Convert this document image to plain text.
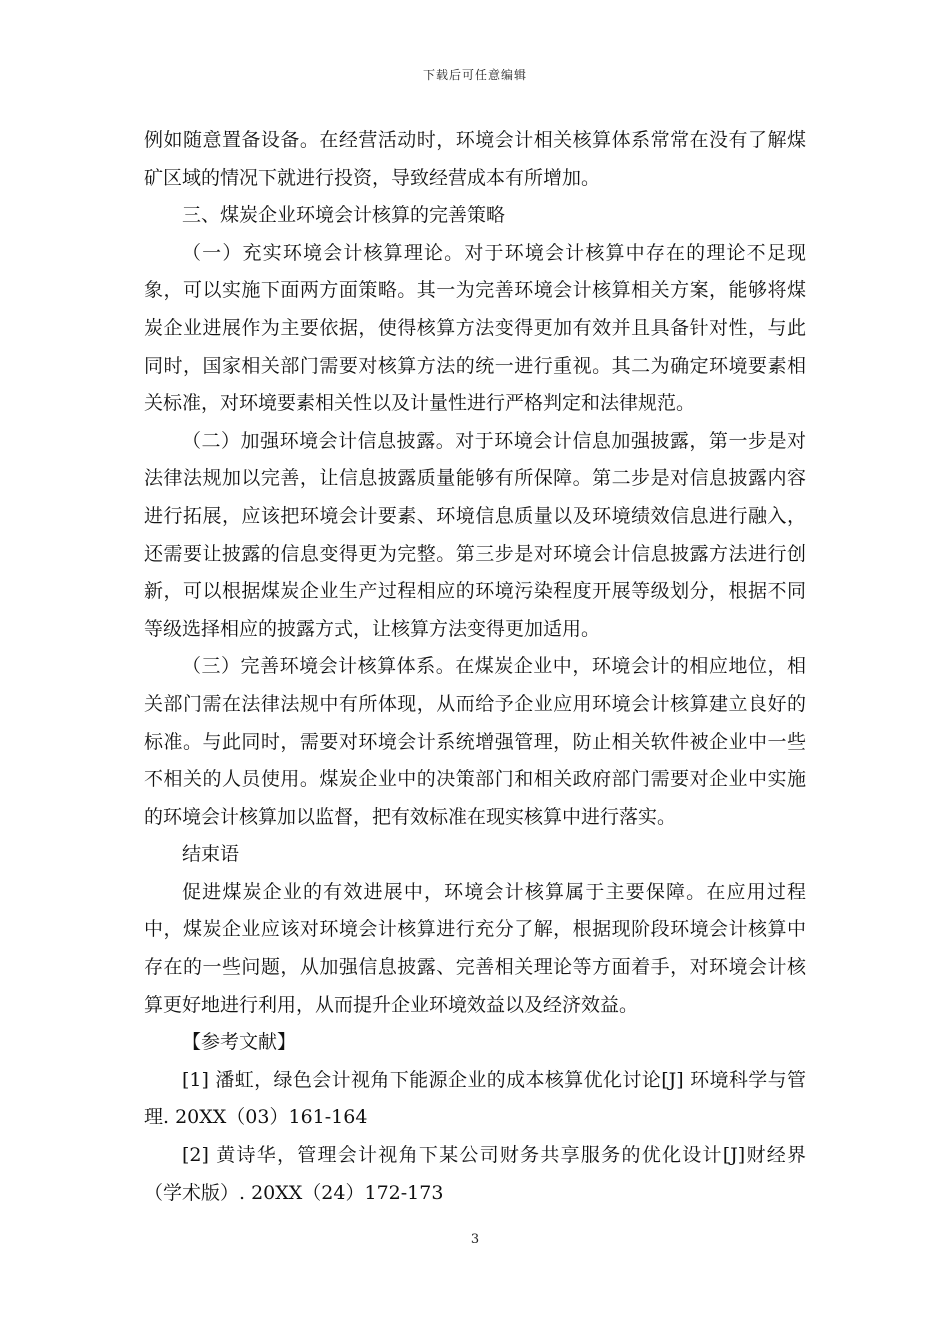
下载后可任意编辑

例如随意置备设备。在经营活动时，环境会计相关核算体系常常在没有了解煤矿区域的情况下就进行投资，导致经营成本有所增加。

三、煤炭企业环境会计核算的完善策略

（一）充实环境会计核算理论。对于环境会计核算中存在的理论不足现象，可以实施下面两方面策略。其一为完善环境会计核算相关方案，能够将煤炭企业进展作为主要依据，使得核算方法变得更加有效并且具备针对性，与此同时，国家相关部门需要对核算方法的统一进行重视。其二为确定环境要素相关标准，对环境要素相关性以及计量性进行严格判定和法律规范。

（二）加强环境会计信息披露。对于环境会计信息加强披露，第一步是对法律法规加以完善，让信息披露质量能够有所保障。第二步是对信息披露内容进行拓展，应该把环境会计要素、环境信息质量以及环境绩效信息进行融入，还需要让披露的信息变得更为完整。第三步是对环境会计信息披露方法进行创新，可以根据煤炭企业生产过程相应的环境污染程度开展等级划分，根据不同等级选择相应的披露方式，让核算方法变得更加适用。

（三）完善环境会计核算体系。在煤炭企业中，环境会计的相应地位，相关部门需在法律法规中有所体现，从而给予企业应用环境会计核算建立良好的标准。与此同时，需要对环境会计系统增强管理，防止相关软件被企业中一些不相关的人员使用。煤炭企业中的决策部门和相关政府部门需要对企业中实施的环境会计核算加以监督，把有效标准在现实核算中进行落实。

结束语

促进煤炭企业的有效进展中，环境会计核算属于主要保障。在应用过程中，煤炭企业应该对环境会计核算进行充分了解，根据现阶段环境会计核算中存在的一些问题，从加强信息披露、完善相关理论等方面着手，对环境会计核算更好地进行利用，从而提升企业环境效益以及经济效益。

【参考文献】

[1] 潘虹，绿色会计视角下能源企业的成本核算优化讨论[J] 环境科学与管理. 20XX（03）161-164

[2] 黄诗华，管理会计视角下某公司财务共享服务的优化设计[J]财经界（学术版）. 20XX（24）172-173

3
